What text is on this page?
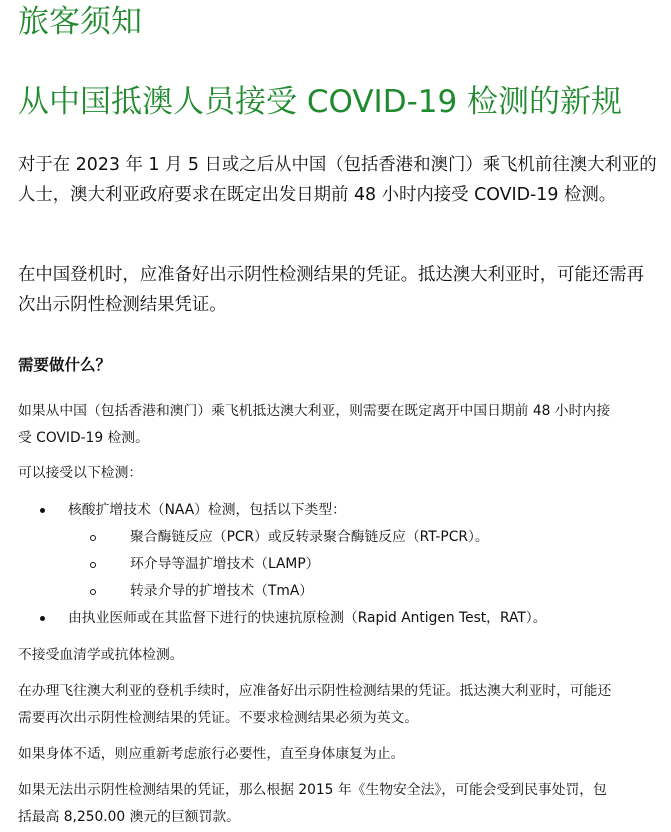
旅客须知
从中国抵澳人员接受 COVID-19 检测的新规
对于在 2023 年 1 月 5 日或之后从中国（包括香港和澳门）乘飞机前往澳大利亚的人士，澳大利亚政府要求在既定出发日期前 48 小时内接受 COVID-19 检测。
在中国登机时，应准备好出示阴性检测结果的凭证。抵达澳大利亚时，可能还需再次出示阴性检测结果凭证。
需要做什么？
如果从中国（包括香港和澳门）乘飞机抵达澳大利亚，则需要在既定离开中国日期前 48 小时内接
受 COVID-19 检测。
可以接受以下检测：
核酸扩增技术（NAA）检测，包括以下类型：
聚合酶链反应（PCR）或反转录聚合酶链反应（RT-PCR）。
环介导等温扩增技术（LAMP）
转录介导的扩增技术（TmA）
由执业医师或在其监督下进行的快速抗原检测（Rapid Antigen Test，RAT）。
不接受血清学或抗体检测。
在办理飞往澳大利亚的登机手续时，应准备好出示阴性检测结果的凭证。抵达澳大利亚时，可能还
需要再次出示阴性检测结果的凭证。不要求检测结果必须为英文。
如果身体不适，则应重新考虑旅行必要性，直至身体康复为止。
如果无法出示阴性检测结果的凭证，那么根据 2015 年《生物安全法》，可能会受到民事处罚，包
括最高 8,250.00 澳元的巨额罚款。
